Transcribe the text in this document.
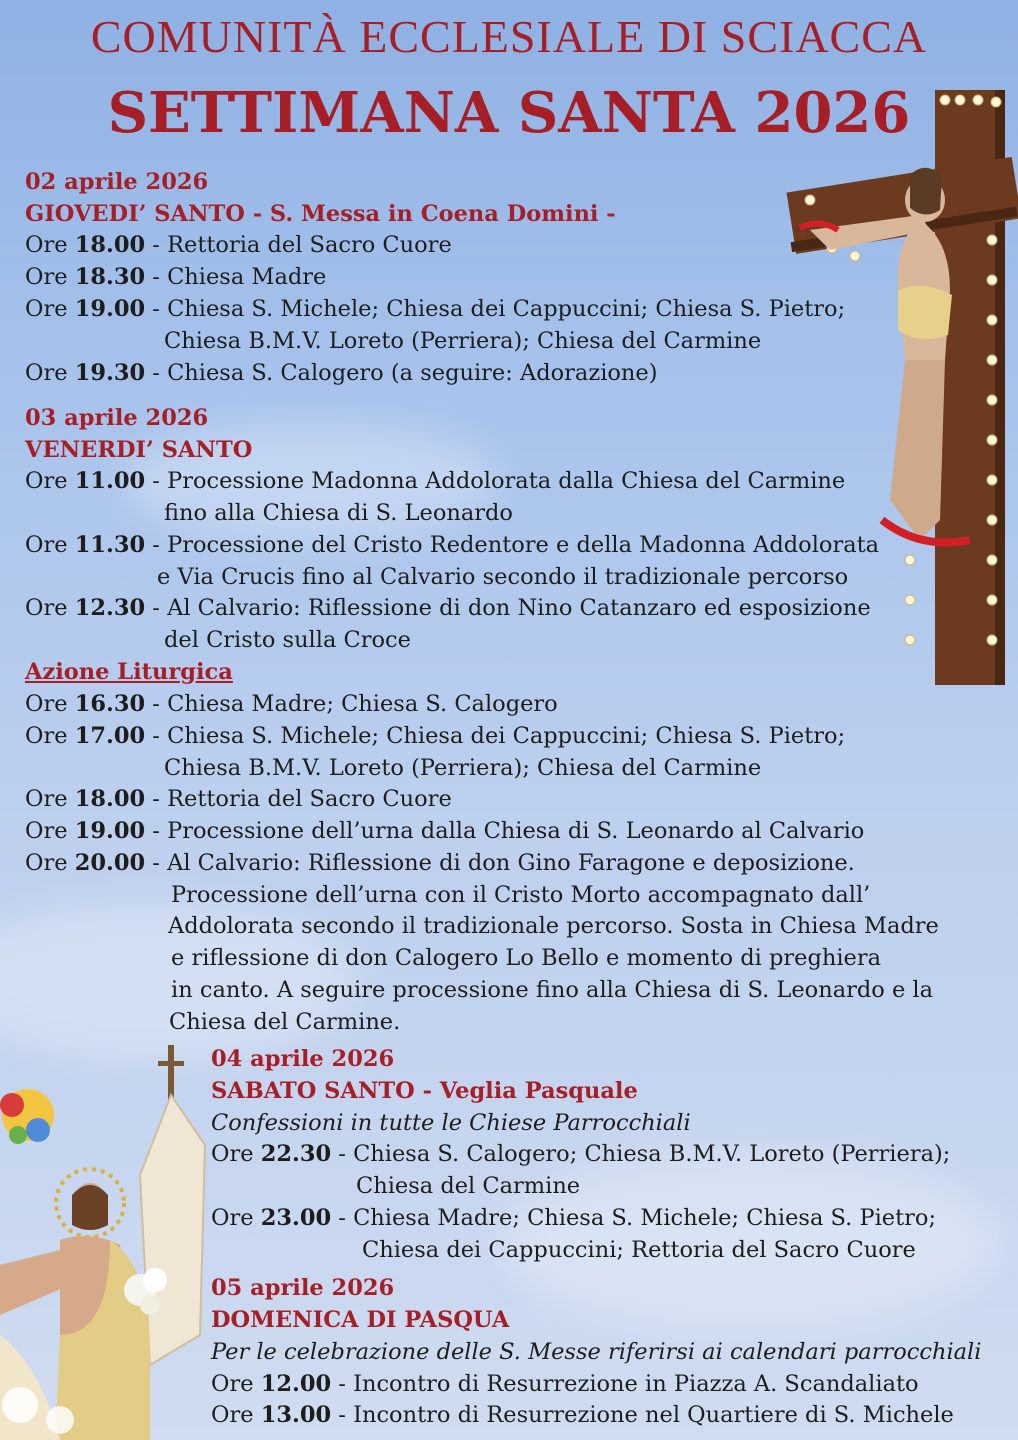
COMUNITÀ ECCLESIALE DI SCIACCA
SETTIMANA SANTA 2026
02 aprile 2026
GIOVEDI’ SANTO - S. Messa in Coena Domini -
Ore 18.00 - Rettoria del Sacro Cuore
Ore 18.30 - Chiesa Madre
Ore 19.00 - Chiesa S. Michele; Chiesa dei Cappuccini; Chiesa S. Pietro;
Chiesa B.M.V. Loreto (Perriera); Chiesa del Carmine
Ore 19.30 - Chiesa S. Calogero (a seguire: Adorazione)
03 aprile 2026
VENERDI’ SANTO
Ore 11.00 - Processione Madonna Addolorata dalla Chiesa del Carmine
fino alla Chiesa di S. Leonardo
Ore 11.30 - Processione del Cristo Redentore e della Madonna Addolorata
e Via Crucis fino al Calvario secondo il tradizionale percorso
Ore 12.30 - Al Calvario: Riflessione di don Nino Catanzaro ed esposizione
del Cristo sulla Croce
Azione Liturgica
Ore 16.30 - Chiesa Madre; Chiesa S. Calogero
Ore 17.00 - Chiesa S. Michele; Chiesa dei Cappuccini; Chiesa S. Pietro;
Chiesa B.M.V. Loreto (Perriera); Chiesa del Carmine
Ore 18.00 - Rettoria del Sacro Cuore
Ore 19.00 - Processione dell’urna dalla Chiesa di S. Leonardo al Calvario
Ore 20.00 - Al Calvario: Riflessione di don Gino Faragone e deposizione.
Processione dell’urna con il Cristo Morto accompagnato dall’
Addolorata secondo il tradizionale percorso. Sosta in Chiesa Madre
e riflessione di don Calogero Lo Bello e momento di preghiera
in canto. A seguire processione fino alla Chiesa di S. Leonardo e la
Chiesa del Carmine.
04 aprile 2026
SABATO SANTO - Veglia Pasquale
Confessioni in tutte le Chiese Parrocchiali
Ore 22.30 - Chiesa S. Calogero; Chiesa B.M.V. Loreto (Perriera);
Chiesa del Carmine
Ore 23.00 - Chiesa Madre; Chiesa S. Michele; Chiesa S. Pietro;
Chiesa dei Cappuccini; Rettoria del Sacro Cuore
05 aprile 2026
DOMENICA DI PASQUA
Per le celebrazione delle S. Messe riferirsi ai calendari parrocchiali
Ore 12.00 - Incontro di Resurrezione in Piazza A. Scandaliato
Ore 13.00 - Incontro di Resurrezione nel Quartiere di S. Michele
